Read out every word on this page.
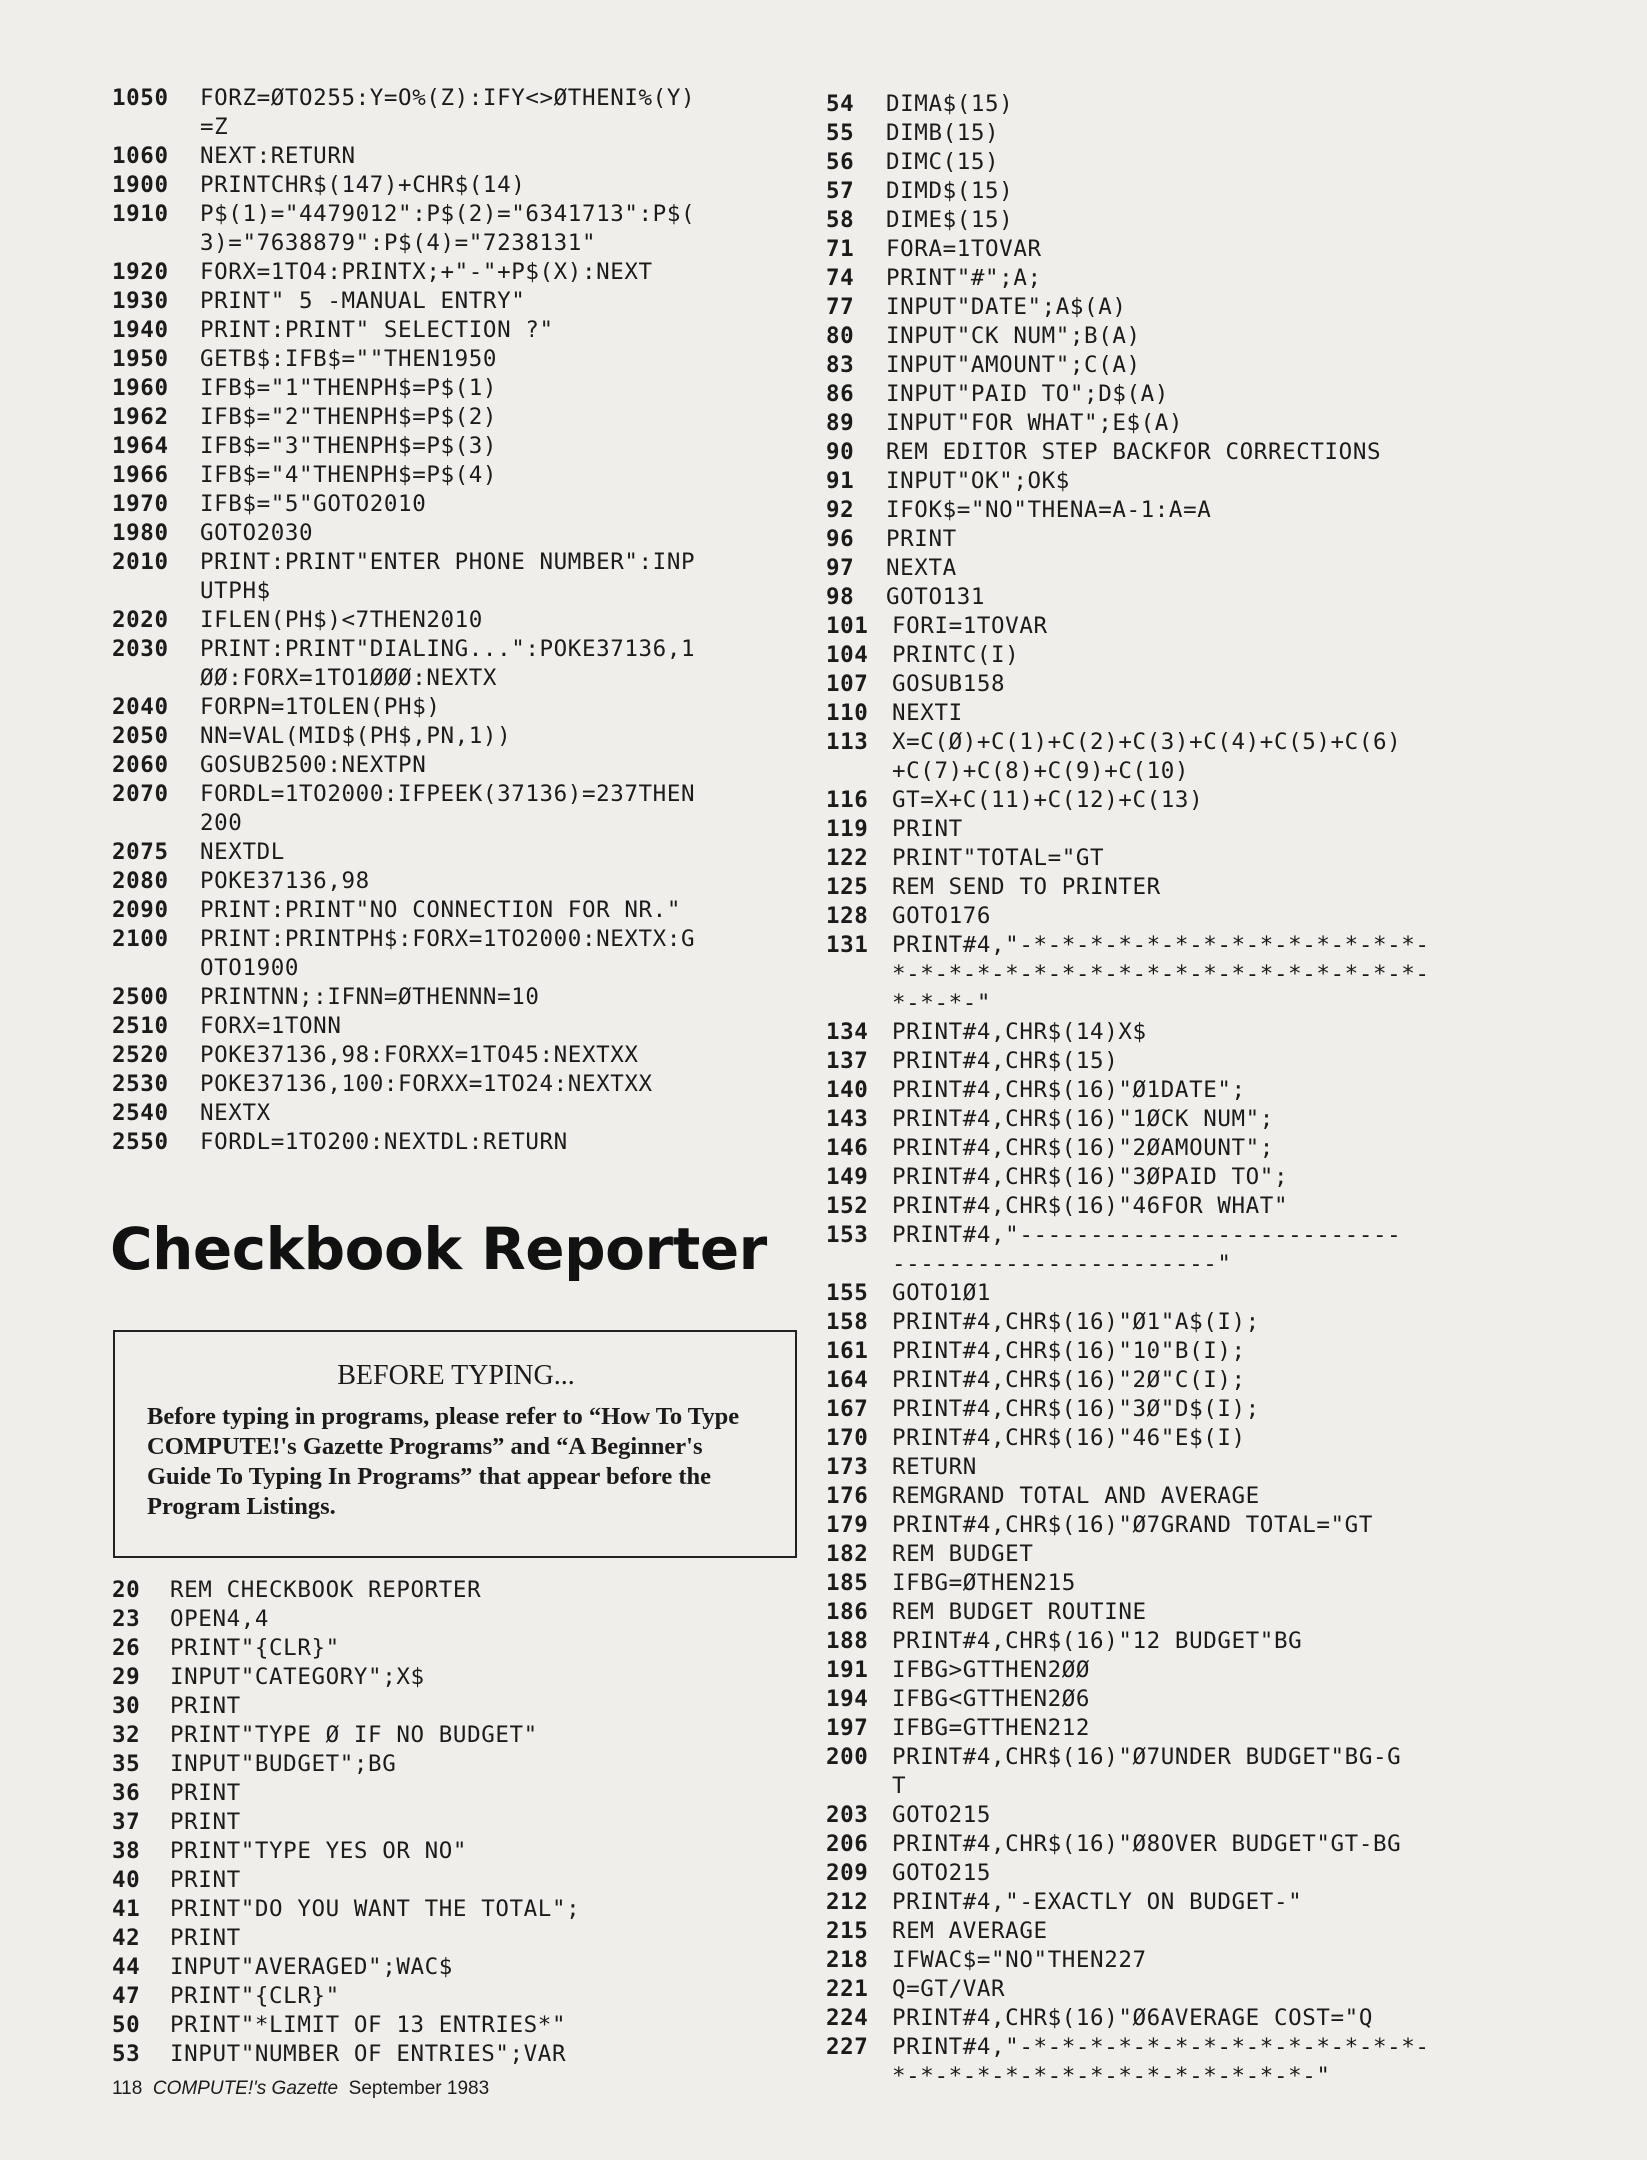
1050	FORZ=ØTO255:Y=O%(Z):IFY<>ØTHENI%(Y)
=Z
1060	NEXT:RETURN
1900	PRINTCHR$(147)+CHR$(14)
1910	P$(1)="4479012":P$(2)="6341713":P$(
3)="7638879":P$(4)="7238131"
1920	FORX=1TO4:PRINTX;+"-"+P$(X):NEXT
1930	PRINT" 5 -MANUAL ENTRY"
1940	PRINT:PRINT" SELECTION ?"
1950	GETB$:IFB$=""THEN1950
1960	IFB$="1"THENPH$=P$(1)
1962	IFB$="2"THENPH$=P$(2)
1964	IFB$="3"THENPH$=P$(3)
1966	IFB$="4"THENPH$=P$(4)
1970	IFB$="5"GOTO2010
1980	GOTO2030
2010	PRINT:PRINT"ENTER PHONE NUMBER":INP
UTPH$
2020	IFLEN(PH$)<7THEN2010
2030	PRINT:PRINT"DIALING...":POKE37136,1
ØØ:FORX=1TO1ØØØ:NEXTX
2040	FORPN=1TOLEN(PH$)
2050	NN=VAL(MID$(PH$,PN,1))
2060	GOSUB2500:NEXTPN
2070	FORDL=1TO2000:IFPEEK(37136)=237THEN
200
2075	NEXTDL
2080	POKE37136,98
2090	PRINT:PRINT"NO CONNECTION FOR NR."
2100	PRINT:PRINTPH$:FORX=1TO2000:NEXTX:G
OTO1900
2500	PRINTNN;:IFNN=ØTHENNN=10
2510	FORX=1TONN
2520	POKE37136,98:FORXX=1TO45:NEXTXX
2530	POKE37136,100:FORXX=1TO24:NEXTXX
2540	NEXTX
2550	FORDL=1TO200:NEXTDL:RETURN
Checkbook Reporter
BEFORE TYPING...
Before typing in programs, please refer to “How To Type COMPUTE!'s Gazette Programs” and “A Beginner's Guide To Typing In Programs” that appear before the Program Listings.
20	REM CHECKBOOK REPORTER
23	OPEN4,4
26	PRINT"{CLR}"
29	INPUT"CATEGORY";X$
30	PRINT
32	PRINT"TYPE Ø IF NO BUDGET"
35	INPUT"BUDGET";BG
36	PRINT
37	PRINT
38	PRINT"TYPE YES OR NO"
40	PRINT
41	PRINT"DO YOU WANT THE TOTAL";
42	PRINT
44	INPUT"AVERAGED";WAC$
47	PRINT"{CLR}"
50	PRINT"*LIMIT OF 13 ENTRIES*"
53	INPUT"NUMBER OF ENTRIES";VAR
54	DIMA$(15)
55	DIMB(15)
56	DIMC(15)
57	DIMD$(15)
58	DIME$(15)
71	FORA=1TOVAR
74	PRINT"#";A;
77	INPUT"DATE";A$(A)
80	INPUT"CK NUM";B(A)
83	INPUT"AMOUNT";C(A)
86	INPUT"PAID TO";D$(A)
89	INPUT"FOR WHAT";E$(A)
90	REM EDITOR STEP BACKFOR CORRECTIONS
91	INPUT"OK";OK$
92	IFOK$="NO"THENA=A-1:A=A
96	PRINT
97	NEXTA
98	GOTO131
101	FORI=1TOVAR
104	PRINTC(I)
107	GOSUB158
110	NEXTI
113	X=C(Ø)+C(1)+C(2)+C(3)+C(4)+C(5)+C(6)
+C(7)+C(8)+C(9)+C(10)
116	GT=X+C(11)+C(12)+C(13)
119	PRINT
122	PRINT"TOTAL="GT
125	REM SEND TO PRINTER
128	GOTO176
131	PRINT#4,"-*-*-*-*-*-*-*-*-*-*-*-*-*-*-
*-*-*-*-*-*-*-*-*-*-*-*-*-*-*-*-*-*-*-
*-*-*-"
134	PRINT#4,CHR$(14)X$
137	PRINT#4,CHR$(15)
140	PRINT#4,CHR$(16)"Ø1DATE";
143	PRINT#4,CHR$(16)"1ØCK NUM";
146	PRINT#4,CHR$(16)"2ØAMOUNT";
149	PRINT#4,CHR$(16)"3ØPAID TO";
152	PRINT#4,CHR$(16)"46FOR WHAT"
153	PRINT#4,"---------------------------
-----------------------"
155	GOTO1Ø1
158	PRINT#4,CHR$(16)"Ø1"A$(I);
161	PRINT#4,CHR$(16)"10"B(I);
164	PRINT#4,CHR$(16)"2Ø"C(I);
167	PRINT#4,CHR$(16)"3Ø"D$(I);
170	PRINT#4,CHR$(16)"46"E$(I)
173	RETURN
176	REMGRAND TOTAL AND AVERAGE
179	PRINT#4,CHR$(16)"Ø7GRAND TOTAL="GT
182	REM BUDGET
185	IFBG=ØTHEN215
186	REM BUDGET ROUTINE
188	PRINT#4,CHR$(16)"12 BUDGET"BG
191	IFBG>GTTHEN2ØØ
194	IFBG<GTTHEN2Ø6
197	IFBG=GTTHEN212
200	PRINT#4,CHR$(16)"Ø7UNDER BUDGET"BG-G
T
203	GOTO215
206	PRINT#4,CHR$(16)"Ø8OVER BUDGET"GT-BG
209	GOTO215
212	PRINT#4,"-EXACTLY ON BUDGET-"
215	REM AVERAGE
218	IFWAC$="NO"THEN227
221	Q=GT/VAR
224	PRINT#4,CHR$(16)"Ø6AVERAGE COST="Q
227	PRINT#4,"-*-*-*-*-*-*-*-*-*-*-*-*-*-*-
*-*-*-*-*-*-*-*-*-*-*-*-*-*-*-"
118 COMPUTE!'s Gazette September 1983
